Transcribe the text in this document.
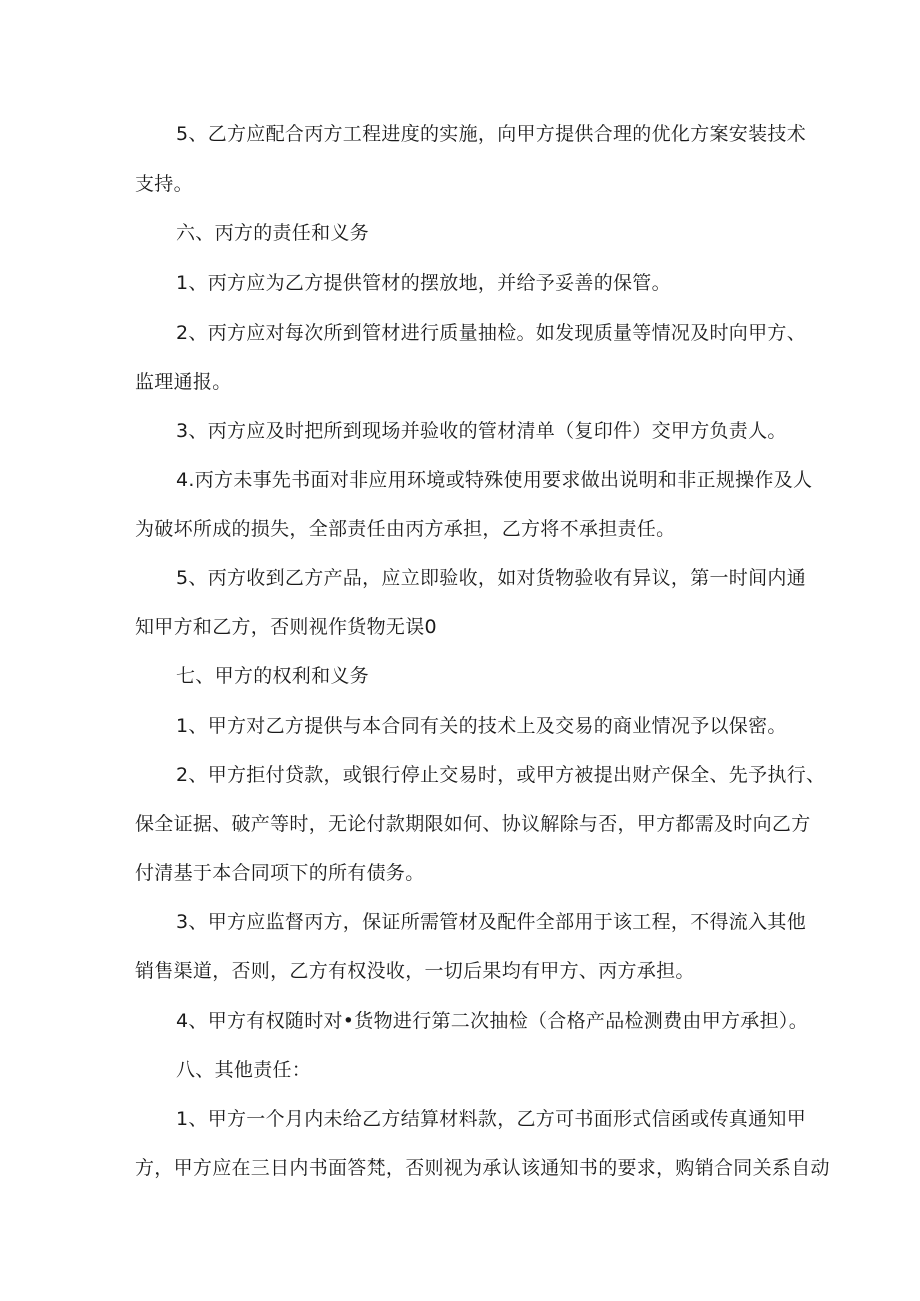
5、乙方应配合丙方工程进度的实施，向甲方提供合理的优化方案安装技术

支持。

六、丙方的责任和义务

1、丙方应为乙方提供管材的摆放地，并给予妥善的保管。

2、丙方应对每次所到管材进行质量抽检。如发现质量等情况及时向甲方、

监理通报。

3、丙方应及时把所到现场并验收的管材清单（复印件）交甲方负责人。

4.丙方未事先书面对非应用环境或特殊使用要求做出说明和非正规操作及人

为破坏所成的损失，全部责任由丙方承担，乙方将不承担责任。

5、丙方收到乙方产品，应立即验收，如对货物验收有异议，第一时间内通

知甲方和乙方，否则视作货物无误0

七、甲方的权利和义务

1、甲方对乙方提供与本合同有关的技术上及交易的商业情况予以保密。

2、甲方拒付贷款，或银行停止交易时，或甲方被提出财产保全、先予执行、

保全证据、破产等时，无论付款期限如何、协议解除与否，甲方都需及时向乙方

付清基于本合同项下的所有债务。

3、甲方应监督丙方，保证所需管材及配件全部用于该工程，不得流入其他

销售渠道，否则，乙方有权没收，一切后果均有甲方、丙方承担。

4、甲方有权随时对•货物进行第二次抽检（合格产品检测费由甲方承担）。

八、其他责任：

1、甲方一个月内未给乙方结算材料款，乙方可书面形式信函或传真通知甲

方，甲方应在三日内书面答梵，否则视为承认该通知书的要求，购销合同关系自动
